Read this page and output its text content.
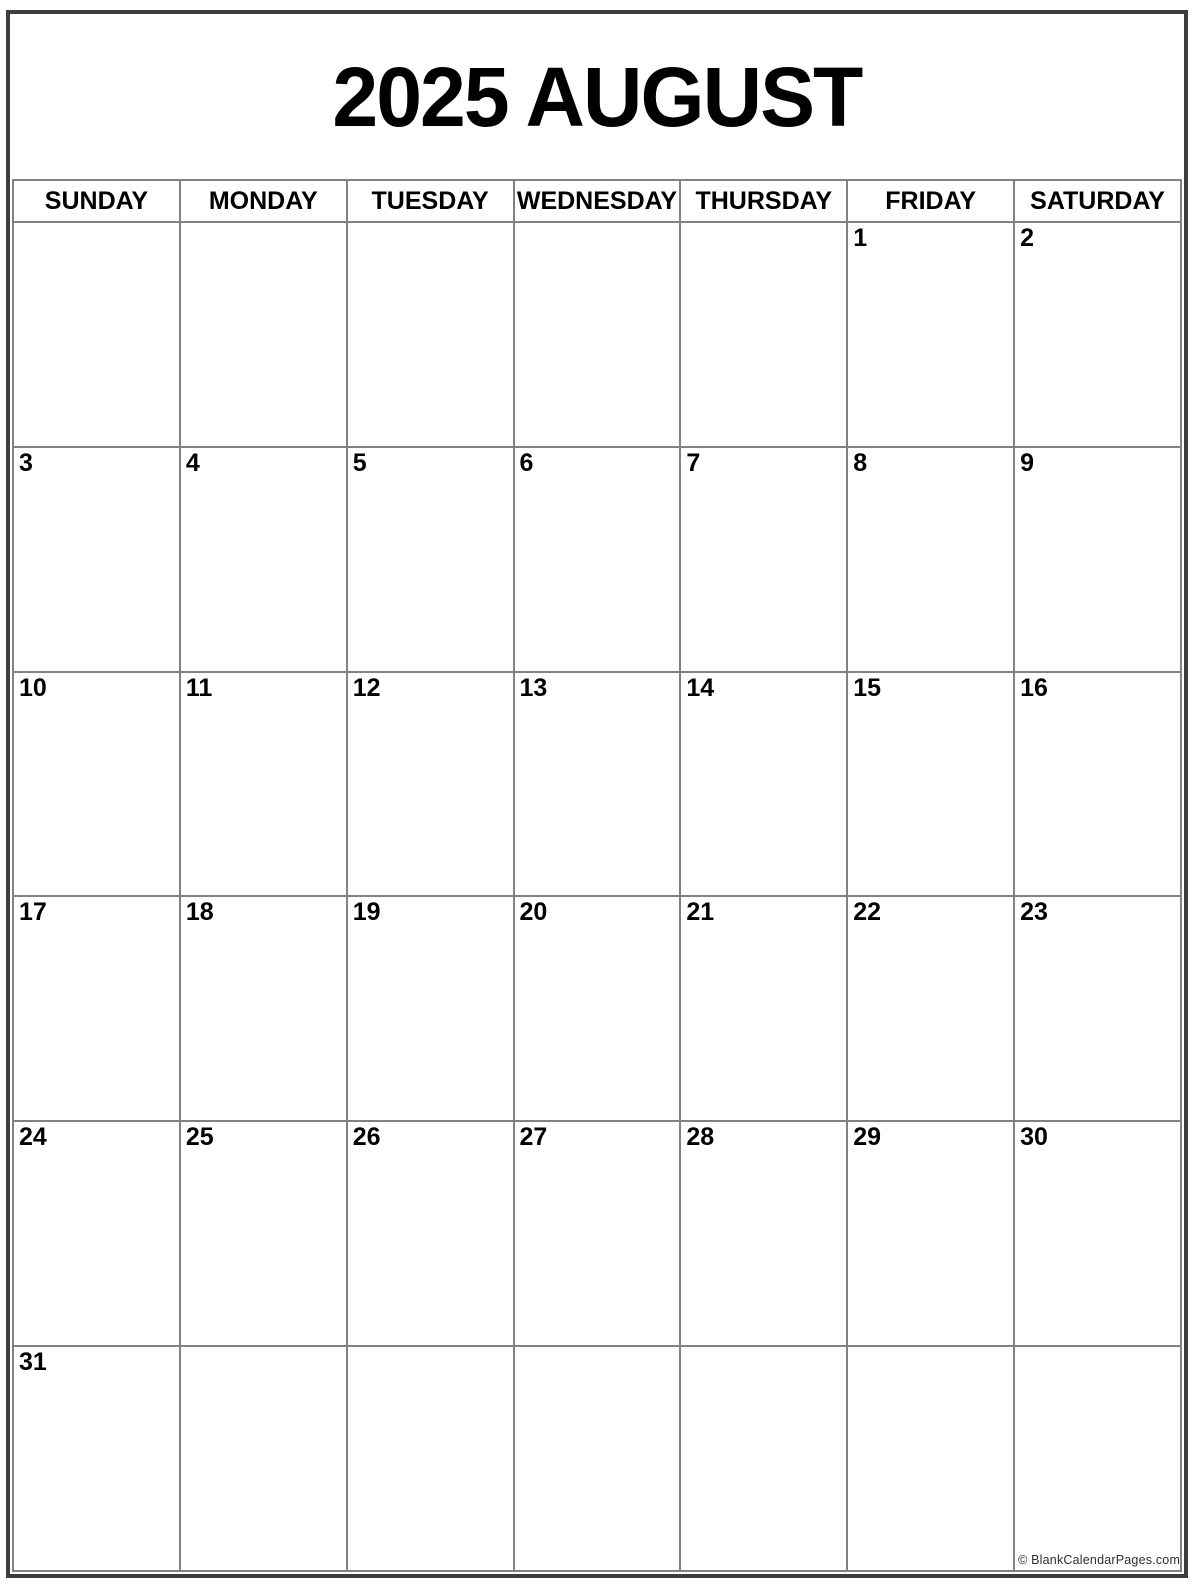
2025 AUGUST
SUNDAY	MONDAY	TUESDAY	WEDNESDAY	THURSDAY	FRIDAY	SATURDAY
					1	2
3	4	5	6	7	8	9
10	11	12	13	14	15	16
17	18	19	20	21	22	23
24	25	26	27	28	29	30
31						© BlankCalendarPages.com
